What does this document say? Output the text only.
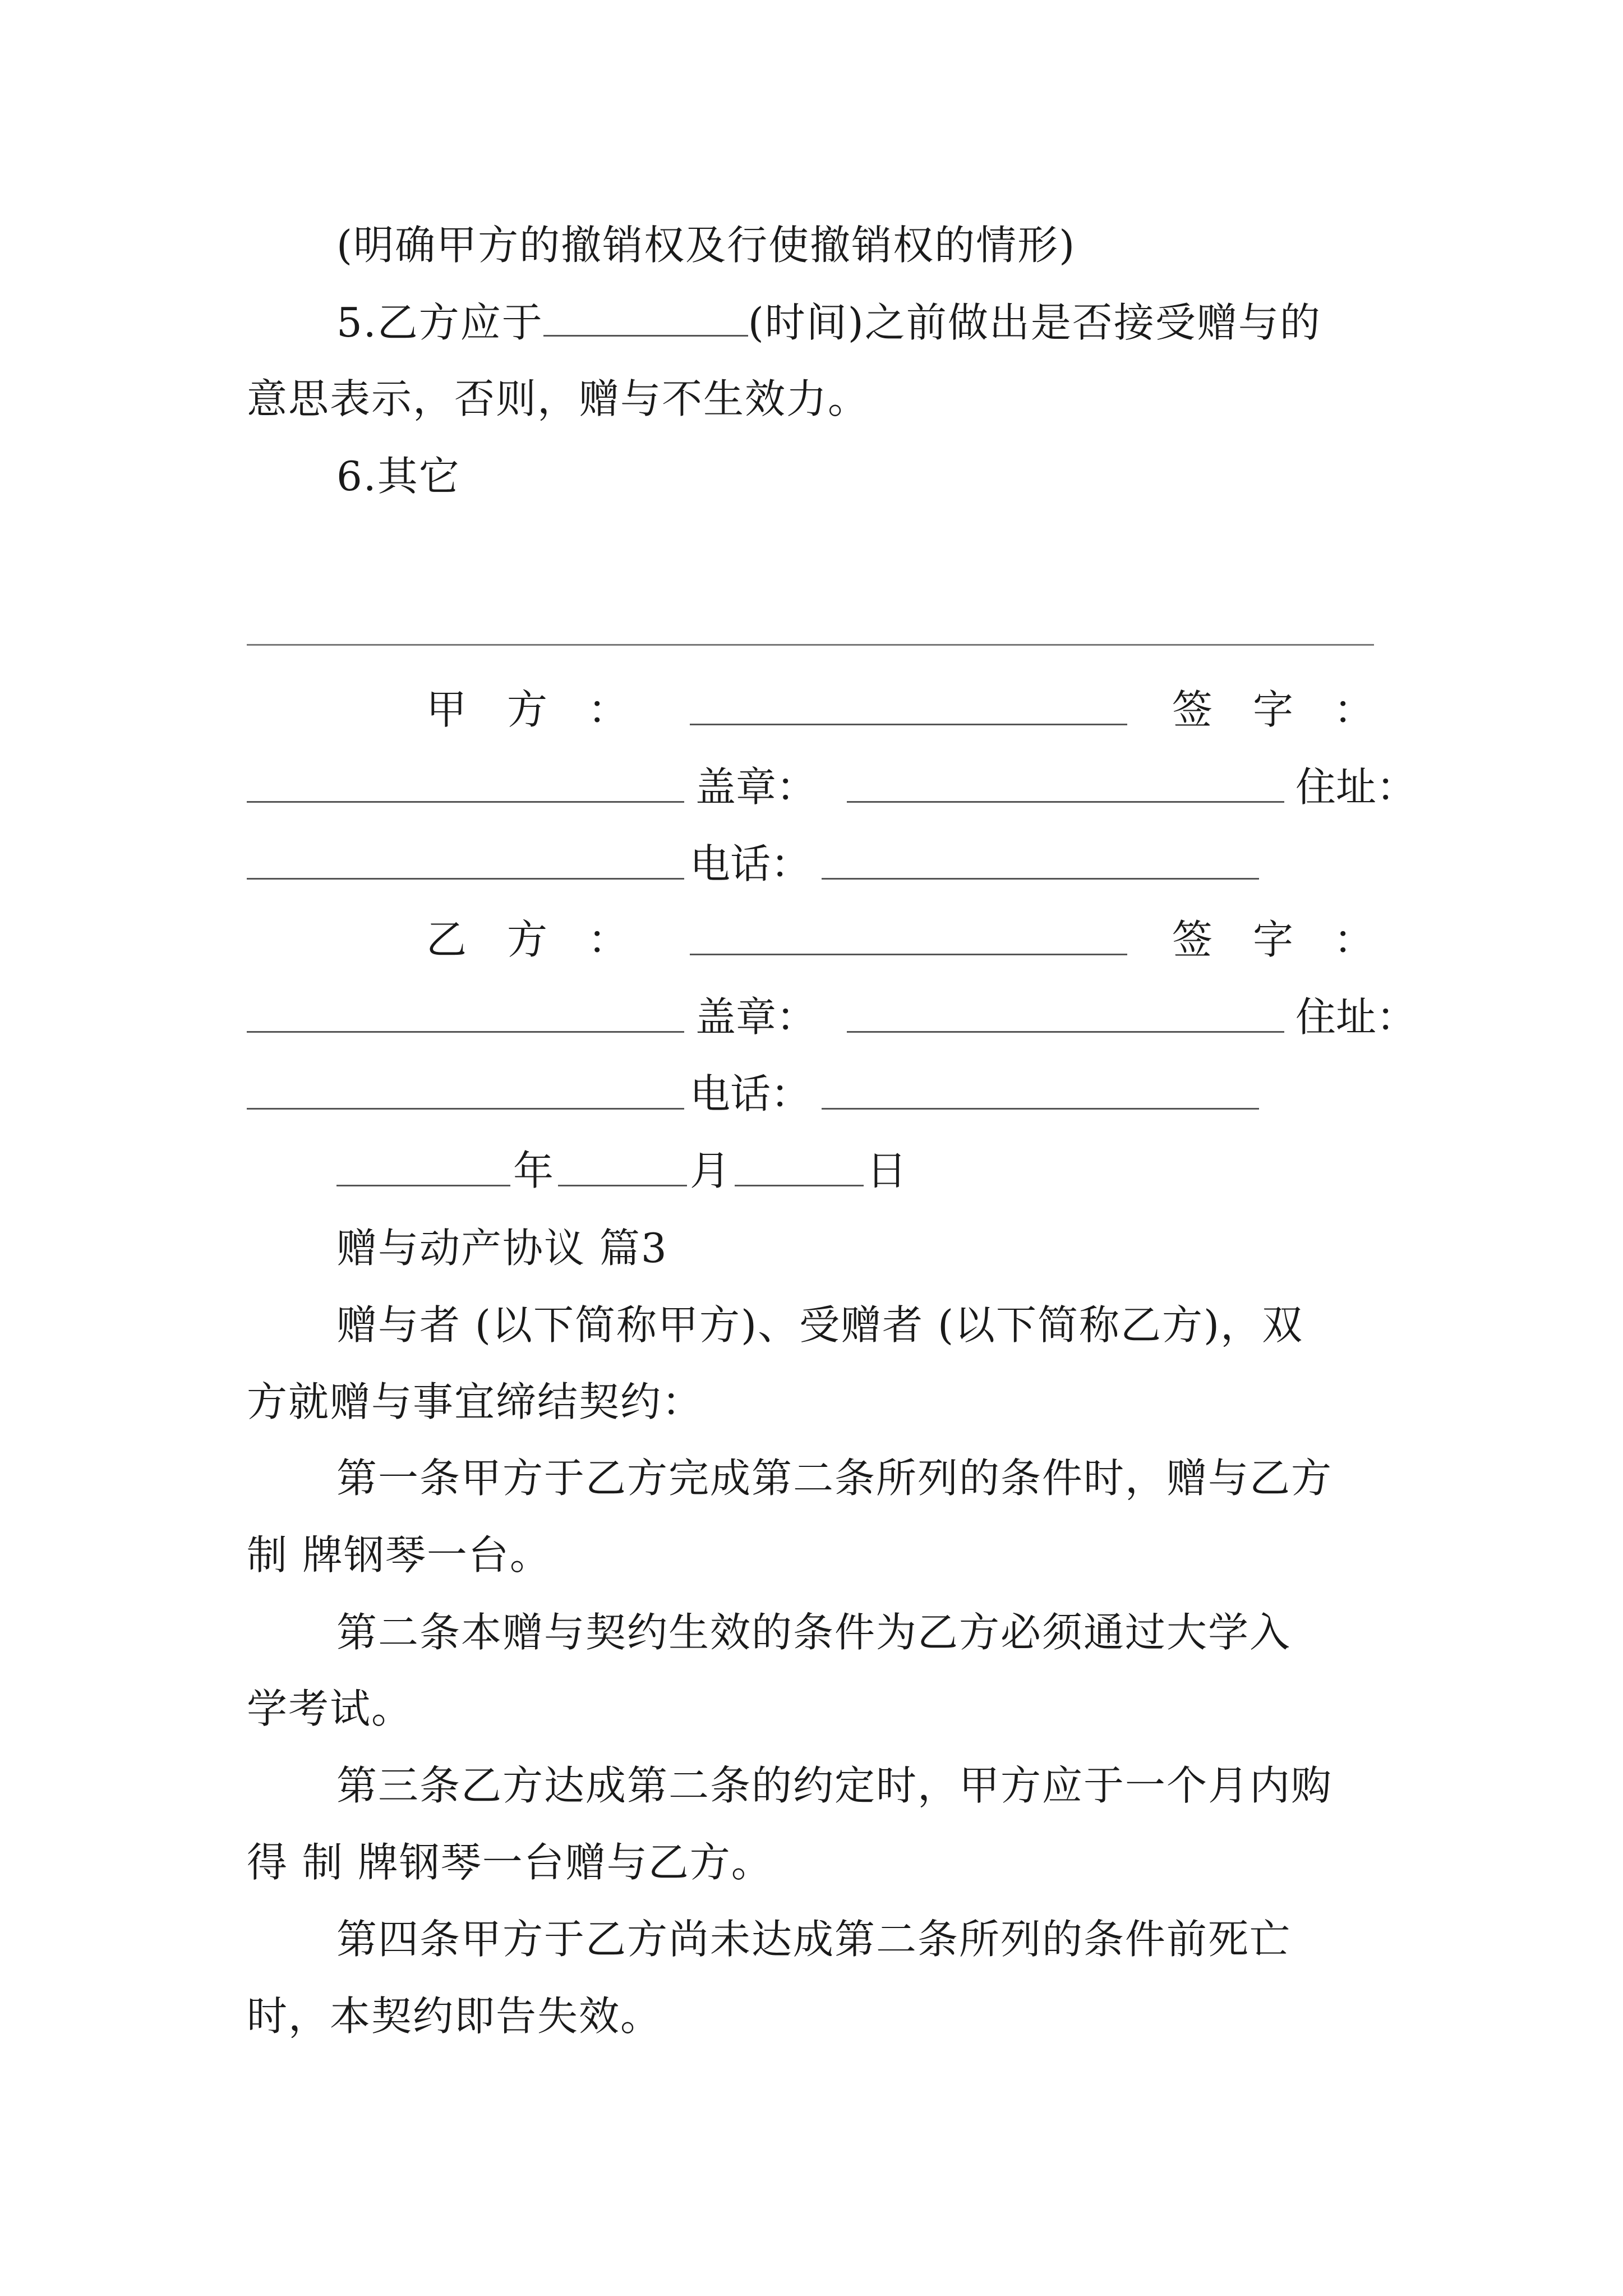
(明确甲方的撤销权及行使撤销权的情形)
5.乙方应于	(时间)之前做出是否接受赠与的
意思表示，否则，赠与不生效力。
6.其它
甲　方　：	签　字　：
盖章：	住址：
电话：
乙　方　：	签　字　：
盖章：	住址：
电话：
年	月	日
赠与动产协议 篇3
赠与者 (以下简称甲方)、受赠者 (以下简称乙方)，双
方就赠与事宜缔结契约：
第一条甲方于乙方完成第二条所列的条件时，赠与乙方
制 牌钢琴一台。
第二条本赠与契约生效的条件为乙方必须通过大学入
学考试。
第三条乙方达成第二条的约定时，甲方应于一个月内购
得 制 牌钢琴一台赠与乙方。
第四条甲方于乙方尚未达成第二条所列的条件前死亡
时，本契约即告失效。
